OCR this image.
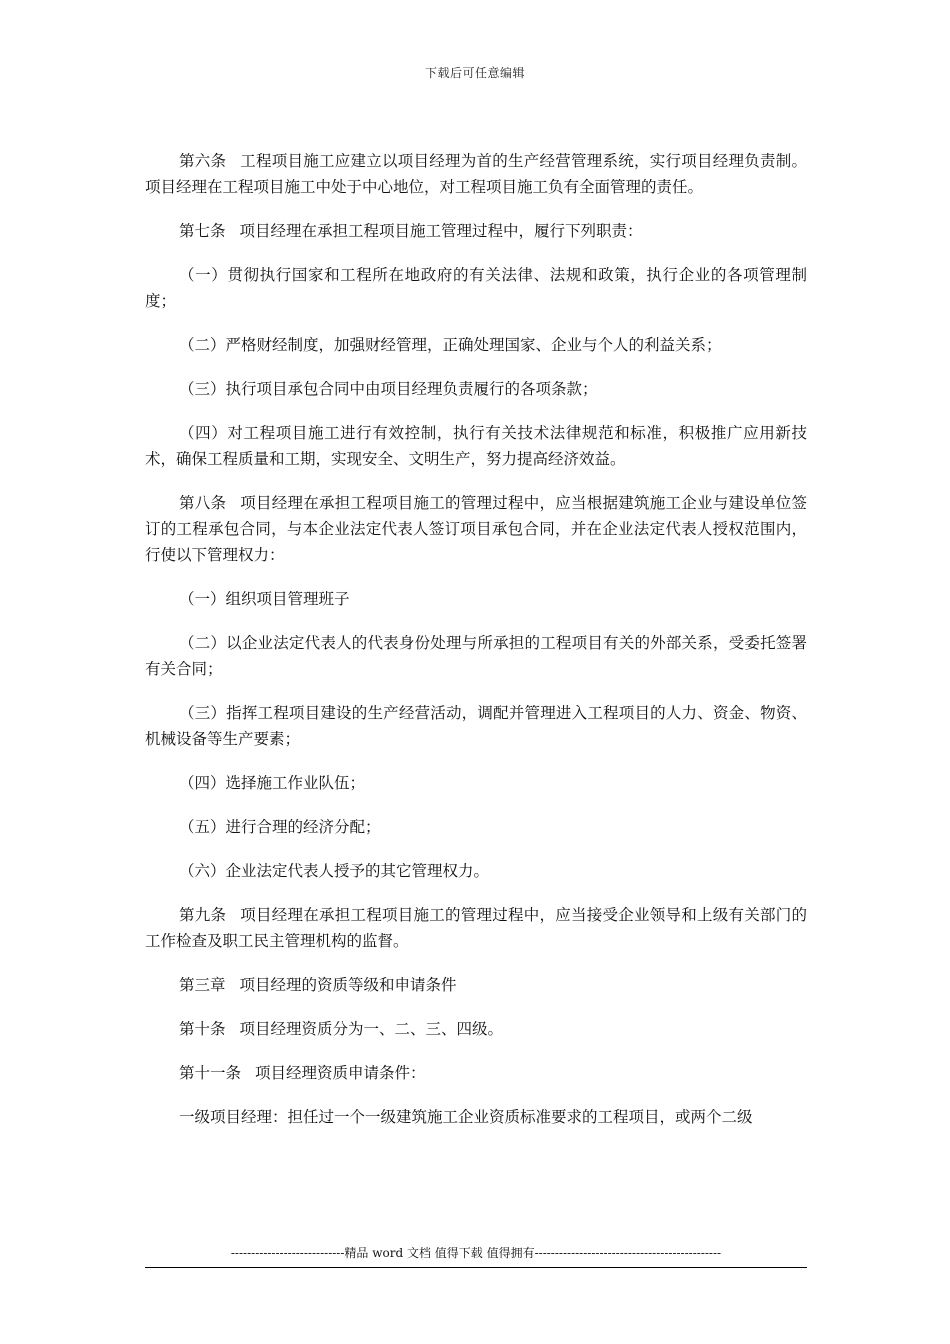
下载后可任意编辑

第六条 工程项目施工应建立以项目经理为首的生产经营管理系统，实行项目经理负责制。项目经理在工程项目施工中处于中心地位，对工程项目施工负有全面管理的责任。

第七条 项目经理在承担工程项目施工管理过程中，履行下列职责：

（一）贯彻执行国家和工程所在地政府的有关法律、法规和政策，执行企业的各项管理制度；

（二）严格财经制度，加强财经管理，正确处理国家、企业与个人的利益关系；

（三）执行项目承包合同中由项目经理负责履行的各项条款；

（四）对工程项目施工进行有效控制，执行有关技术法律规范和标准，积极推广应用新技术，确保工程质量和工期，实现安全、文明生产，努力提高经济效益。

第八条 项目经理在承担工程项目施工的管理过程中，应当根据建筑施工企业与建设单位签订的工程承包合同，与本企业法定代表人签订项目承包合同，并在企业法定代表人授权范围内，行使以下管理权力：

（一）组织项目管理班子

（二）以企业法定代表人的代表身份处理与所承担的工程项目有关的外部关系，受委托签署有关合同；

（三）指挥工程项目建设的生产经营活动，调配并管理进入工程项目的人力、资金、物资、机械设备等生产要素；

（四）选择施工作业队伍；

（五）进行合理的经济分配；

（六）企业法定代表人授予的其它管理权力。

第九条 项目经理在承担工程项目施工的管理过程中，应当接受企业领导和上级有关部门的工作检查及职工民主管理机构的监督。

第三章 项目经理的资质等级和申请条件

第十条 项目经理资质分为一、二、三、四级。

第十一条 项目经理资质申请条件：

一级项目经理：担任过一个一级建筑施工企业资质标准要求的工程项目，或两个二级

----------------------------精品 word 文档 值得下载 值得拥有----------------------------------------------
